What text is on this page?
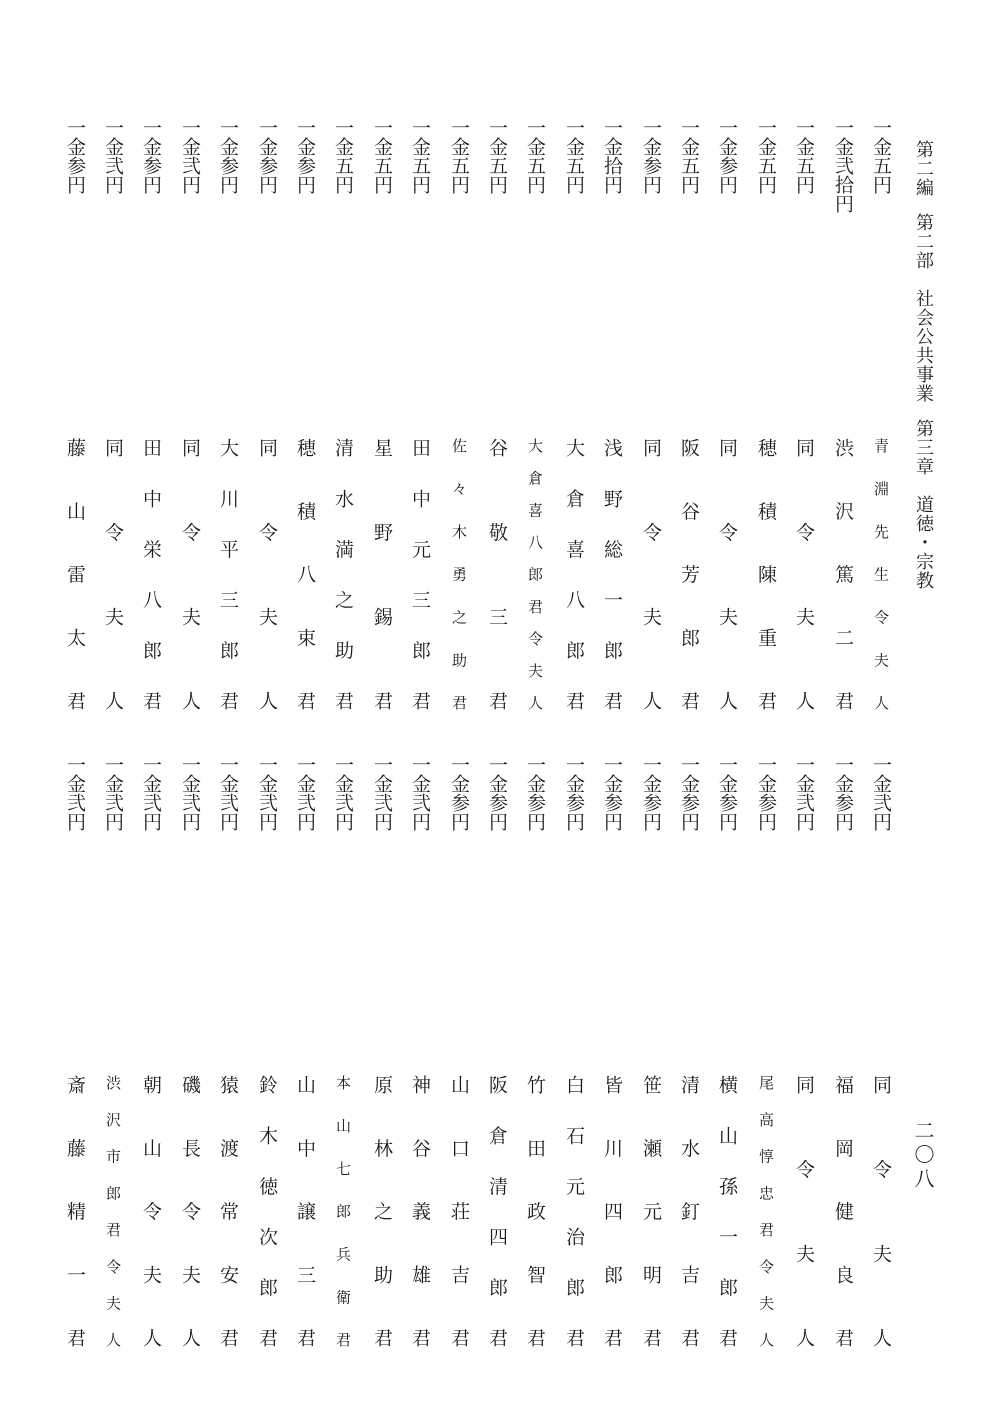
第二編第二部　社会公共事業第三章　道徳・宗教
二〇八
一金五円
青淵先生令夫人
一金弐拾円
渋沢篤二君
一金五円
同令夫人
一金五円
穂積陳重君
一金参円
同令夫人
一金五円
阪谷芳郎君
一金参円
同令夫人
一金拾円
浅野総一郎君
一金五円
大倉喜八郎君
一金五円
大倉喜八郎君令夫人
一金五円
谷敬三君
一金五円
佐々木勇之助君
一金五円
田中元三郎君
一金五円
星野錫君
一金五円
清水満之助君
一金参円
穂積八束君
一金参円
同令夫人
一金参円
大川平三郎君
一金弐円
同令夫人
一金参円
田中栄八郎君
一金弐円
同令夫人
一金参円
藤山雷太君
一金弐円
同令夫人
一金参円
福岡健良君
一金弐円
同令夫人
一金参円
尾高惇忠君令夫人
一金参円
横山孫一郎君
一金参円
清水釘吉君
一金参円
笹瀬元明君
一金参円
皆川四郎君
一金参円
白石元治郎君
一金参円
竹田政智君
一金参円
阪倉清四郎君
一金参円
山口荘吉君
一金弐円
神谷義雄君
一金弐円
原林之助君
一金弐円
本山七郎兵衛君
一金弐円
山中譲三君
一金弐円
鈴木徳次郎君
一金弐円
猿渡常安君
一金弐円
磯長令夫人
一金弐円
朝山令夫人
一金弐円
渋沢市郎君令夫人
一金弐円
斎藤精一君
